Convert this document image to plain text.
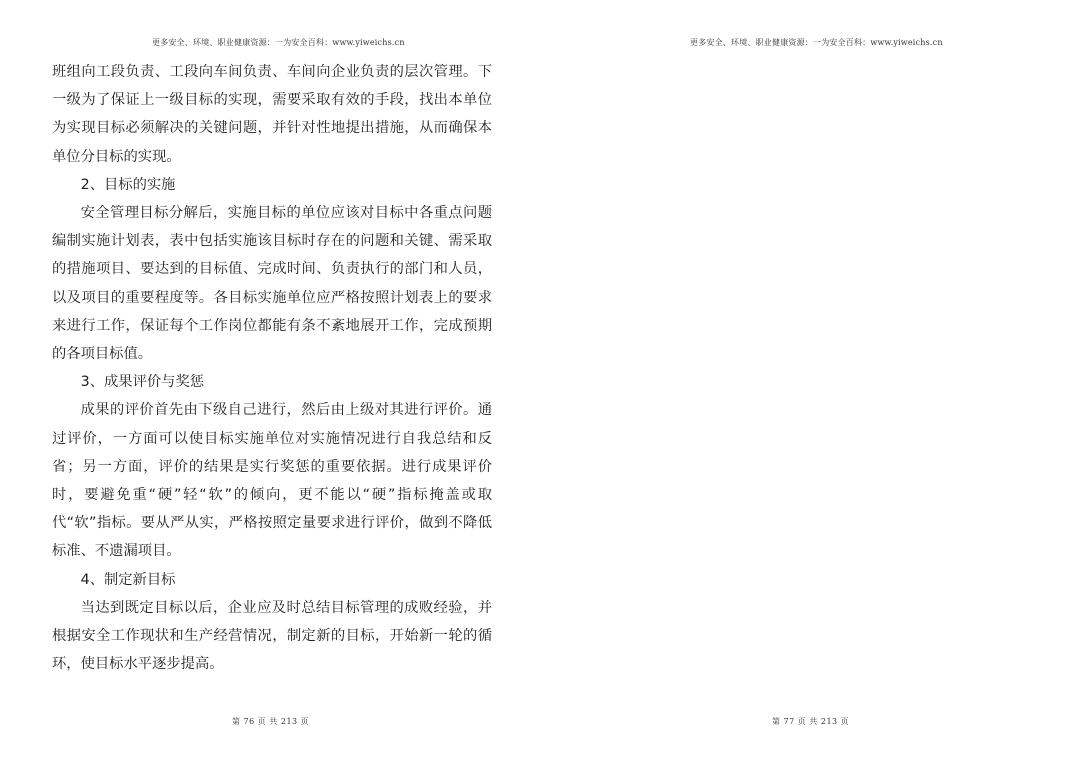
更多安全、环境、职业健康资源：一为安全百科：www.yiweichs.cn

班组向工段负责、工段向车间负责、车间向企业负责的层次管理。下一级为了保证上一级目标的实现，需要采取有效的手段，找出本单位为实现目标必须解决的关键问题，并针对性地提出措施，从而确保本单位分目标的实现。

2、目标的实施

安全管理目标分解后，实施目标的单位应该对目标中各重点问题编制实施计划表，表中包括实施该目标时存在的问题和关键、需采取的措施项目、要达到的目标值、完成时间、负责执行的部门和人员，以及项目的重要程度等。各目标实施单位应严格按照计划表上的要求来进行工作，保证每个工作岗位都能有条不紊地展开工作，完成预期的各项目标值。

3、成果评价与奖惩

成果的评价首先由下级自己进行，然后由上级对其进行评价。通过评价，一方面可以使目标实施单位对实施情况进行自我总结和反省；另一方面，评价的结果是实行奖惩的重要依据。进行成果评价时，要避免重“硬”轻“软”的倾向，更不能以“硬”指标掩盖或取代“软”指标。要从严从实，严格按照定量要求进行评价，做到不降低标准、不遗漏项目。

4、制定新目标

当达到既定目标以后，企业应及时总结目标管理的成败经验，并根据安全工作现状和生产经营情况，制定新的目标，开始新一轮的循环，使目标水平逐步提高。

第 76 页 共 213 页
更多安全、环境、职业健康资源：一为安全百科：www.yiweichs.cn
第 77 页 共 213 页
